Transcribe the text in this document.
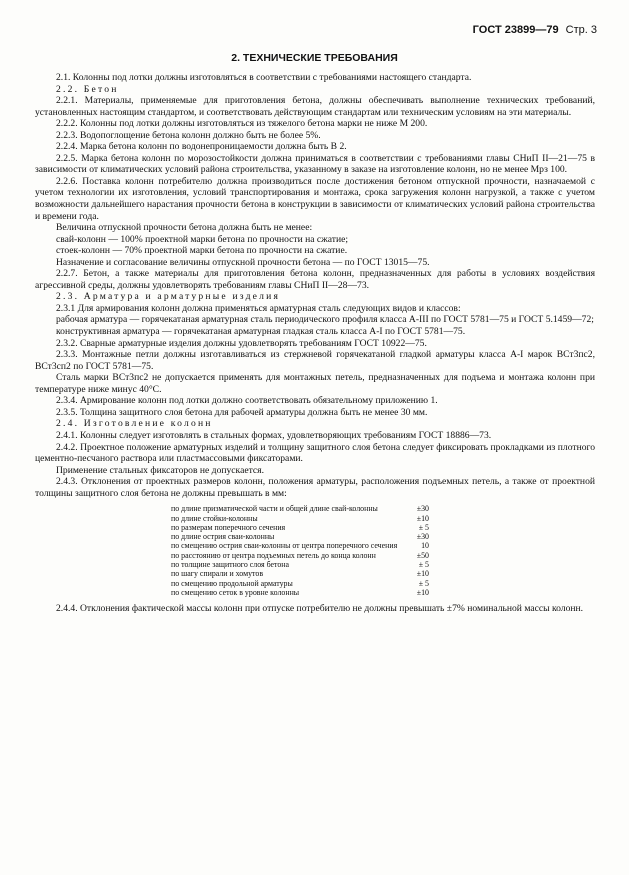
ГОСТ 23899—79 Стр. 3
2. ТЕХНИЧЕСКИЕ ТРЕБОВАНИЯ

2.1. Колонны под лотки должны изготовляться в соответствии с требованиями настоящего стандарта.

2.2. Бетон

2.2.1. Материалы, применяемые для приготовления бетона, должны обеспечивать выполнение технических требований, установленных настоящим стандартом, и соответствовать действующим стандартам или техническим условиям на эти материалы.

2.2.2. Колонны под лотки должны изготовляться из тяжелого бетона марки не ниже М 200.

2.2.3. Водопоглощение бетона колонн должно быть не более 5%.

2.2.4. Марка бетона колонн по водонепроницаемости должна быть В 2.

2.2.5. Марка бетона колонн по морозостойкости должна приниматься в соответствии с требованиями главы СНиП II—21—75 в зависимости от климатических условий района строительства, указанному в заказе на изготовление колонн, но не менее Мрз 100.

2.2.6. Поставка колонн потребителю должна производиться после достижения бетоном отпускной прочности, назначаемой с учетом технологии их изготовления, условий транспортирования и монтажа, срока загружения колонн нагрузкой, а также с учетом возможности дальнейшего нарастания прочности бетона в конструкции в зависимости от климатических условий района строительства и времени года.

Величина отпускной прочности бетона должна быть не менее:

свай-колонн — 100% проектной марки бетона по прочности на сжатие;

стоек-колонн — 70% проектной марки бетона по прочности на сжатие.

Назначение и согласование величины отпускной прочности бетона — по ГОСТ 13015—75.

2.2.7. Бетон, а также материалы для приготовления бетона колонн, предназначенных для работы в условиях воздействия агрессивной среды, должны удовлетворять требованиям главы СНиП II—28—73.

2.3. Арматура и арматурные изделия

2.3.1 Для армирования колонн должна применяться арматурная сталь следующих видов и классов:

рабочая арматура — горячекатаная арматурная сталь периодического профиля класса А-III по ГОСТ 5781—75 и ГОСТ 5.1459—72;

конструктивная арматура — горячекатаная арматурная гладкая сталь класса А-I по ГОСТ 5781—75.

2.3.2. Сварные арматурные изделия должны удовлетворять требованиям ГОСТ 10922—75.

2.3.3. Монтажные петли должны изготавливаться из стержневой горячекатаной гладкой арматуры класса А-I марок ВСт3пс2, ВСт3сп2 по ГОСТ 5781—75.

Сталь марки ВСт3пс2 не допускается применять для монтажных петель, предназначенных для подъема и монтажа колонн при температуре ниже минус 40°С.

2.3.4. Армирование колонн под лотки должно соответствовать обязательному приложению 1.

2.3.5. Толщина защитного слоя бетона для рабочей арматуры должна быть не менее 30 мм.

2.4. Изготовление колонн

2.4.1. Колонны следует изготовлять в стальных формах, удовлетворяющих требованиям ГОСТ 18886—73.

2.4.2. Проектное положение арматурных изделий и толщину защитного слоя бетона следует фиксировать прокладками из плотного цементно-песчаного раствора или пластмассовыми фиксаторами.

Применение стальных фиксаторов не допускается.

2.4.3. Отклонения от проектных размеров колонн, положения арматуры, расположения подъемных петель, а также от проектной толщины защитного слоя бетона не должны превышать в мм:

по длине призматической части и общей длине свай-колонны	±30
по длине стойки-колонны	±10
по размерам поперечного сечения	± 5
по длине острия сваи-колонны	±30
по смещению острия сваи-колонны от центра поперечного сечения	10
по расстоянию от центра подъемных петель до конца колонн	±50
по толщине защитного слоя бетона	± 5
по шагу спирали и хомутов	±10
по смещению продольной арматуры	± 5
по смещению сеток в уровне колонны	±10

2.4.4. Отклонения фактической массы колонн при отпуске потребителю не должны превышать ±7% номинальной массы колонн.
